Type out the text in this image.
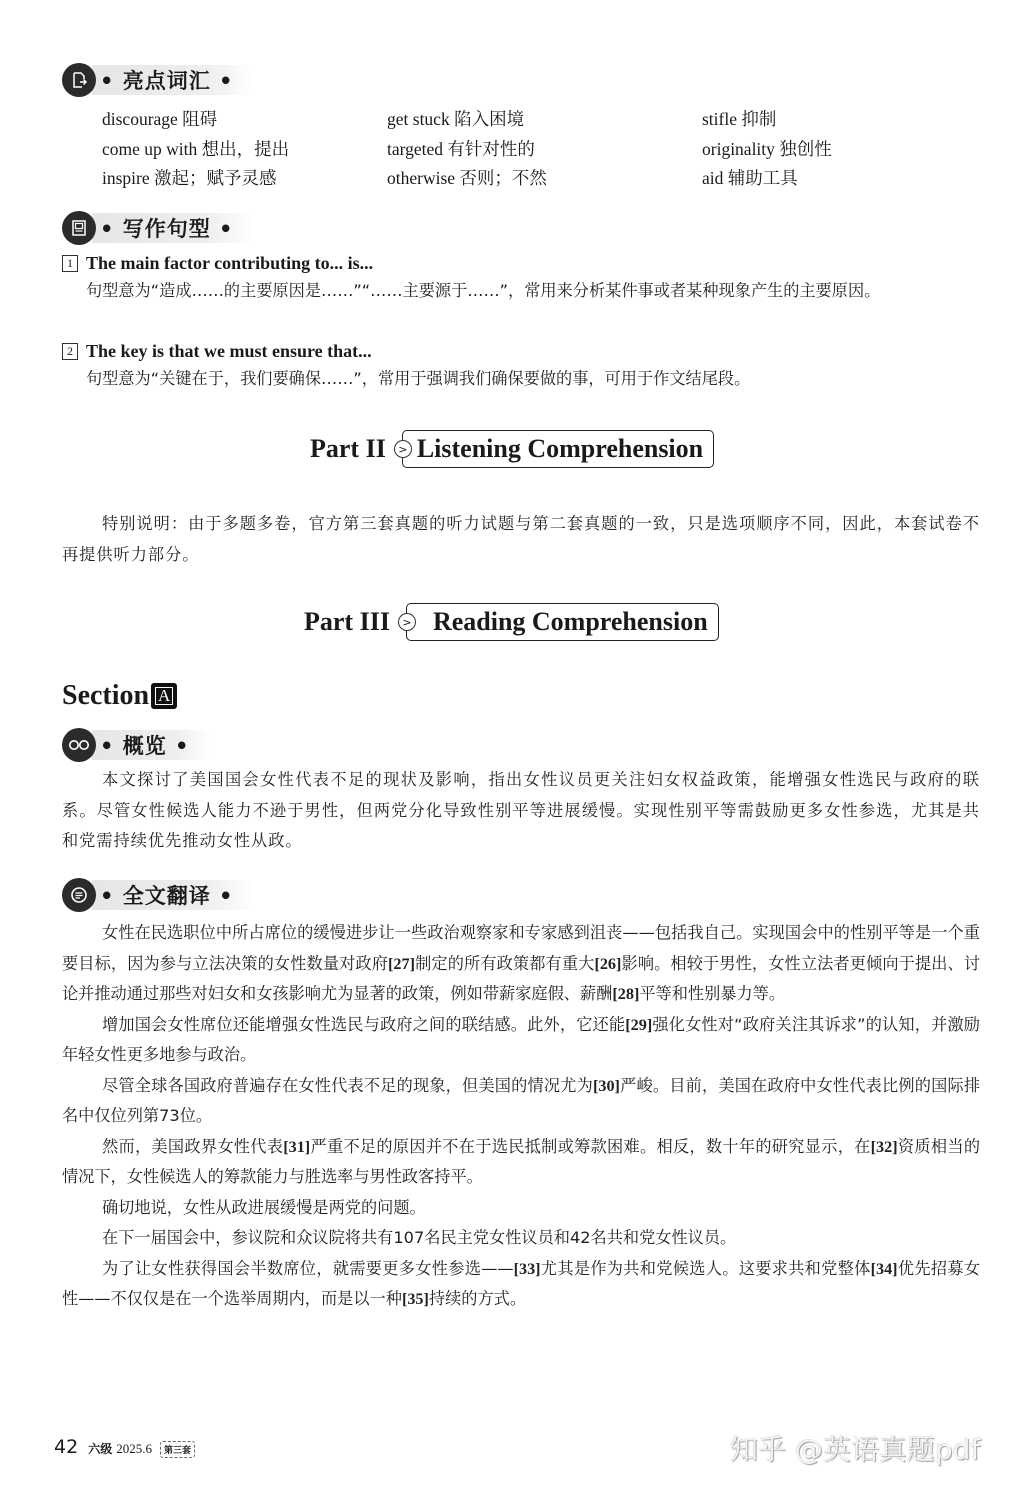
• 亮点词汇 •
discourage 阻碍	get stuck 陷入困境	stifle 抑制
come up with 想出，提出	targeted 有针对性的	originality 独创性
inspire 激起；赋予灵感	otherwise 否则；不然	aid 辅助工具
• 写作句型 •
1 The main factor contributing to... is...
句型意为“造成……的主要原因是……”“……主要源于……”，常用来分析某件事或者某种现象产生的主要原因。
2 The key is that we must ensure that...
句型意为“关键在于，我们要确保……”，常用于强调我们确保要做的事，可用于作文结尾段。
Part II	> Listening Comprehension
特别说明：由于多题多卷，官方第三套真题的听力试题与第二套真题的一致，只是选项顺序不同，因此，本套试卷不再提供听力部分。
Part III	> Reading Comprehension
Section A
• 概览 •

本文探讨了美国国会女性代表不足的现状及影响，指出女性议员更关注妇女权益政策，能增强女性选民与政府的联系。尽管女性候选人能力不逊于男性，但两党分化导致性别平等进展缓慢。实现性别平等需鼓励更多女性参选，尤其是共和党需持续优先推动女性从政。

• 全文翻译 •

女性在民选职位中所占席位的缓慢进步让一些政治观察家和专家感到沮丧——包括我自己。实现国会中的性别平等是一个重要目标，因为参与立法决策的女性数量对政府[27]制定的所有政策都有重大[26]影响。相较于男性，女性立法者更倾向于提出、讨论并推动通过那些对妇女和女孩影响尤为显著的政策，例如带薪家庭假、薪酬[28]平等和性别暴力等。

增加国会女性席位还能增强女性选民与政府之间的联结感。此外，它还能[29]强化女性对“政府关注其诉求”的认知，并激励年轻女性更多地参与政治。

尽管全球各国政府普遍存在女性代表不足的现象，但美国的情况尤为[30]严峻。目前，美国在政府中女性代表比例的国际排名中仅位列第73位。

然而，美国政界女性代表[31]严重不足的原因并不在于选民抵制或筹款困难。相反，数十年的研究显示，在[32]资质相当的情况下，女性候选人的筹款能力与胜选率与男性政客持平。

确切地说，女性从政进展缓慢是两党的问题。

在下一届国会中，参议院和众议院将共有107名民主党女性议员和42名共和党女性议员。

为了让女性获得国会半数席位，就需要更多女性参选——[33]尤其是作为共和党候选人。这要求共和党整体[34]优先招募女性——不仅仅是在一个选举周期内，而是以一种[35]持续的方式。

42 六级 2025.6	第三套	知乎 @英语真题pdf
